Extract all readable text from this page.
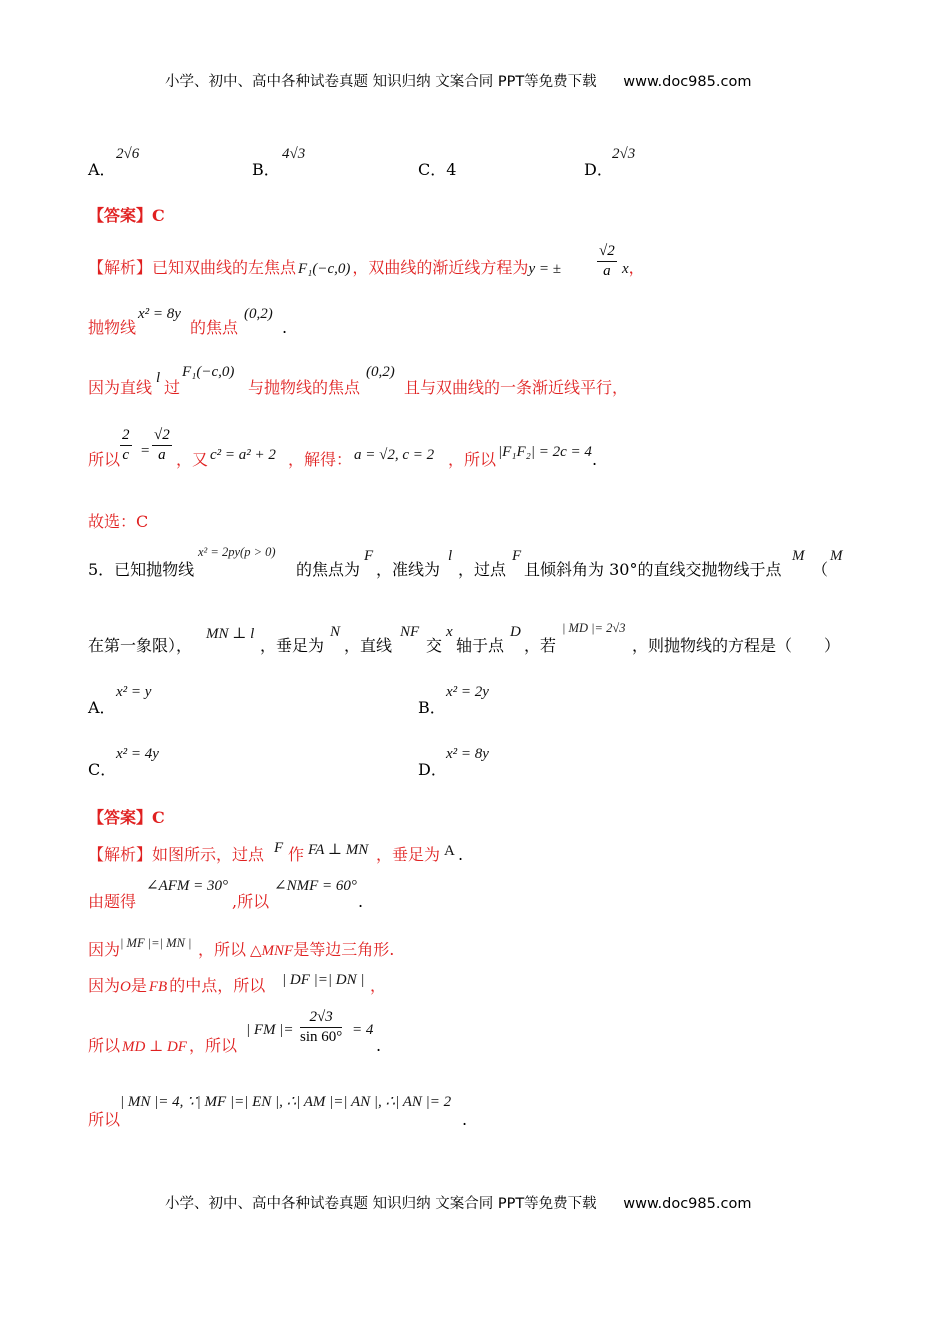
小学、初中、高中各种试卷真题 知识归纳 文案合同 PPT等免费下载 www.doc985.com
A．
2√6
B．
4√3
C．4	D．
2√3
【答案】C
【解析】已知双曲线的左焦点 F₁(−c,0) ，双曲线的渐近线方程为y = ± $\frac{√2}{a}$ x，
抛物线
x² = 8y
的焦点
(0,2)
.
因为直线 l 过
F₁(−c,0)
与抛物线的焦点
(0,2)
且与双曲线的一条渐近线平行，
所以 $\frac{2}{c} = \frac{√2}{a}$ ，又 c² = a² + 2 ，解得： a = √2, c = 2 ，所以 |F₁F₂| = 2c = 4 .
故选：C
5．已知抛物线
x² = 2py(p > 0)
的焦点为
F
，准线为
l
，过点
F
且倾斜角为 30°的直线交抛物线于点
M
（
M
在第一象限），
MN ⊥ l
，垂足为
N
，直线
NF
交
x
轴于点
D
，若
| MD |= 2√3
，则抛物线的方程是（　　）
A．
x² = y
B．
x² = 2y
C．
x² = 4y
D．
x² = 8y
【答案】C
【解析】如图所示，过点 F 作 FA ⊥ MN ，垂足为 A .
由题得
∠AFM = 30°
,所以
∠NMF = 60°
.
因为 | MF |=| MN | ，所以 △MNF是等边三角形.
因为O是 FB 的中点，所以 | DF |=| DN | ，
所以 MD ⊥ DF ，所以
| FM |= $\frac{2√3}{\sin 60^\circ} = 4$
.
所以
| MN |= 4, ∵| MF |=| EN |, ∴| AM |=| AN |, ∴| AN |= 2
.
小学、初中、高中各种试卷真题 知识归纳 文案合同 PPT等免费下载 www.doc985.com
